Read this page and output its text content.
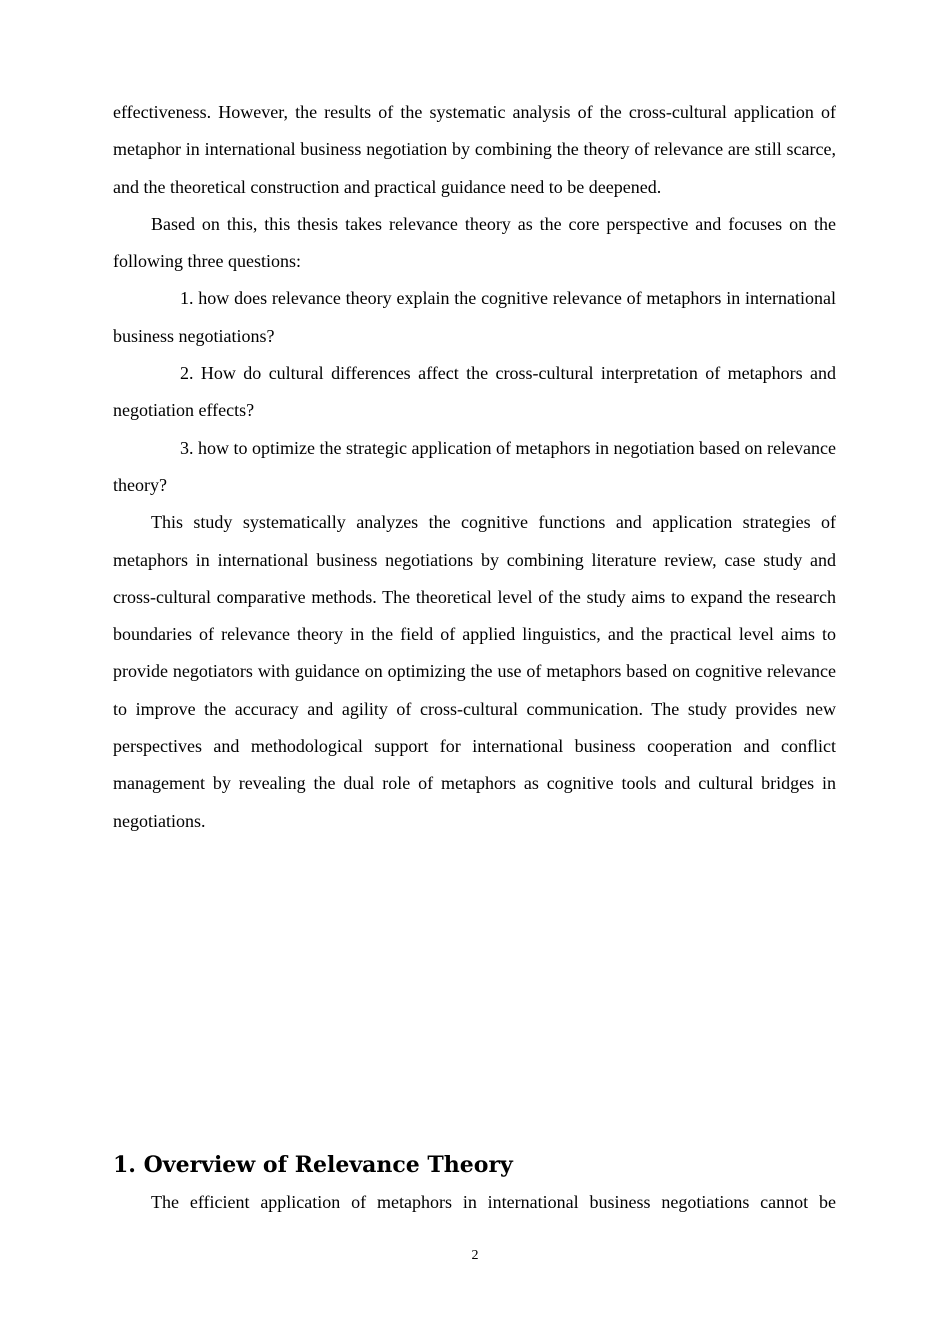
effectiveness. However, the results of the systematic analysis of the cross-cultural application of metaphor in international business negotiation by combining the theory of relevance are still scarce, and the theoretical construction and practical guidance need to be deepened.

Based on this, this thesis takes relevance theory as the core perspective and focuses on the following three questions:

1. how does relevance theory explain the cognitive relevance of metaphors in international business negotiations?

2. How do cultural differences affect the cross-cultural interpretation of metaphors and negotiation effects?

3. how to optimize the strategic application of metaphors in negotiation based on relevance theory?

This study systematically analyzes the cognitive functions and application strategies of metaphors in international business negotiations by combining literature review, case study and cross-cultural comparative methods. The theoretical level of the study aims to expand the research boundaries of relevance theory in the field of applied linguistics, and the practical level aims to provide negotiators with guidance on optimizing the use of metaphors based on cognitive relevance to improve the accuracy and agility of cross-cultural communication. The study provides new perspectives and methodological support for international business cooperation and conflict management by revealing the dual role of metaphors as cognitive tools and cultural bridges in negotiations.

1. Overview of Relevance Theory

The efficient application of metaphors in international business negotiations cannot be

2
